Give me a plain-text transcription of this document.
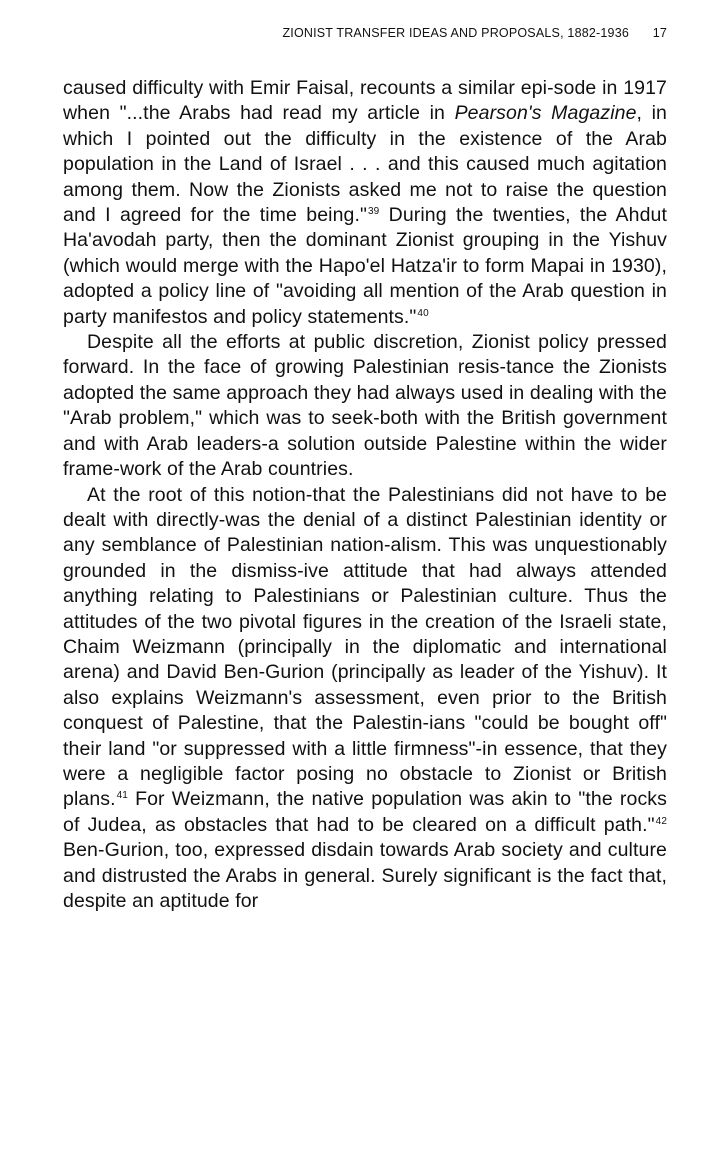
ZIONIST TRANSFER IDEAS AND PROPOSALS, 1882-1936 17

caused difficulty with Emir Faisal, recounts a similar epi-sode in 1917 when "...the Arabs had read my article in Pearson's Magazine, in which I pointed out the difficulty in the existence of the Arab population in the Land of Israel . . . and this caused much agitation among them. Now the Zionists asked me not to raise the question and I agreed for the time being."$^{39}$ During the twenties, the Ahdut Ha'avodah party, then the dominant Zionist grouping in the Yishuv (which would merge with the Hapo'el Hatza'ir to form Mapai in 1930), adopted a policy line of "avoiding all mention of the Arab question in party manifestos and policy statements."$^{40}$

Despite all the efforts at public discretion, Zionist policy pressed forward. In the face of growing Palestinian resis-tance the Zionists adopted the same approach they had always used in dealing with the "Arab problem," which was to seek-both with the British government and with Arab leaders-a solution outside Palestine within the wider frame-work of the Arab countries.

At the root of this notion-that the Palestinians did not have to be dealt with directly-was the denial of a distinct Palestinian identity or any semblance of Palestinian nation-alism. This was unquestionably grounded in the dismiss-ive attitude that had always attended anything relating to Palestinians or Palestinian culture. Thus the attitudes of the two pivotal figures in the creation of the Israeli state, Chaim Weizmann (principally in the diplomatic and international arena) and David Ben-Gurion (principally as leader of the Yishuv). It also explains Weizmann's assessment, even prior to the British conquest of Palestine, that the Palestin-ians "could be bought off" their land "or suppressed with a little firmness"-in essence, that they were a negligible factor posing no obstacle to Zionist or British plans.$^{41}$ For Weizmann, the native population was akin to "the rocks of Judea, as obstacles that had to be cleared on a difficult path."$^{42}$ Ben-Gurion, too, expressed disdain towards Arab society and culture and distrusted the Arabs in general. Surely significant is the fact that, despite an aptitude for
